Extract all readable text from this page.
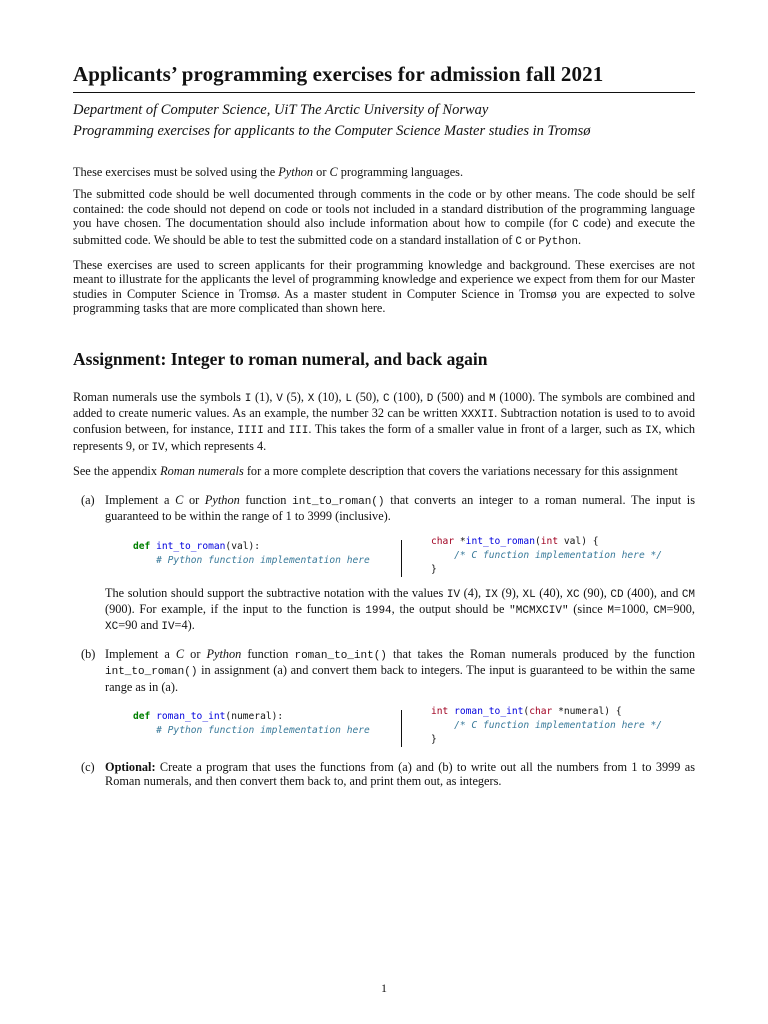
Applicants’ programming exercises for admission fall 2021
Department of Computer Science, UiT The Arctic University of Norway
Programming exercises for applicants to the Computer Science Master studies in Tromsø

These exercises must be solved using the Python or C programming languages.

The submitted code should be well documented through comments in the code or by other means. The code should be self contained: the code should not depend on code or tools not included in a standard distribution of the programming language you have chosen. The documentation should also include information about how to compile (for C code) and execute the submitted code. We should be able to test the submitted code on a standard installation of C or Python.

These exercises are used to screen applicants for their programming knowledge and background. These exercises are not meant to illustrate for the applicants the level of programming knowledge and experience we expect from them for our Master studies in Computer Science in Tromsø. As a master student in Computer Science in Tromsø you are expected to solve programming tasks that are more complicated than shown here.

Assignment: Integer to roman numeral, and back again

Roman numerals use the symbols I (1), V (5), X (10), L (50), C (100), D (500) and M (1000). The symbols are combined and added to create numeric values. As an example, the number 32 can be written XXXII. Subtraction notation is used to to avoid confusion between, for instance, IIII and III. This takes the form of a smaller value in front of a larger, such as IX, which represents 9, or IV, which represents 4.

See the appendix Roman numerals for a more complete description that covers the variations necessary for this assignment

(a) Implement a C or Python function int_to_roman() that converts an integer to a roman numeral. The input is guaranteed to be within the range of 1 to 3999 (inclusive).

def int_to_roman(val):
# Python function implementation here
char *int_to_roman(int val) {
/* C function implementation here */
}

The solution should support the subtractive notation with the values IV (4), IX (9), XL (40), XC (90), CD (400), and CM (900). For example, if the input to the function is 1994, the output should be "MCMXCIV" (since M=1000, CM=900, XC=90 and IV=4).

(b) Implement a C or Python function roman_to_int() that takes the Roman numerals produced by the function int_to_roman() in assignment (a) and convert them back to integers. The input is guaranteed to be within the same range as in (a).

def roman_to_int(numeral):
# Python function implementation here
int roman_to_int(char *numeral) {
/* C function implementation here */
}
(c) Optional: Create a program that uses the functions from (a) and (b) to write out all the numbers from 1 to 3999 as Roman numerals, and then convert them back to, and print them out, as integers.

1
